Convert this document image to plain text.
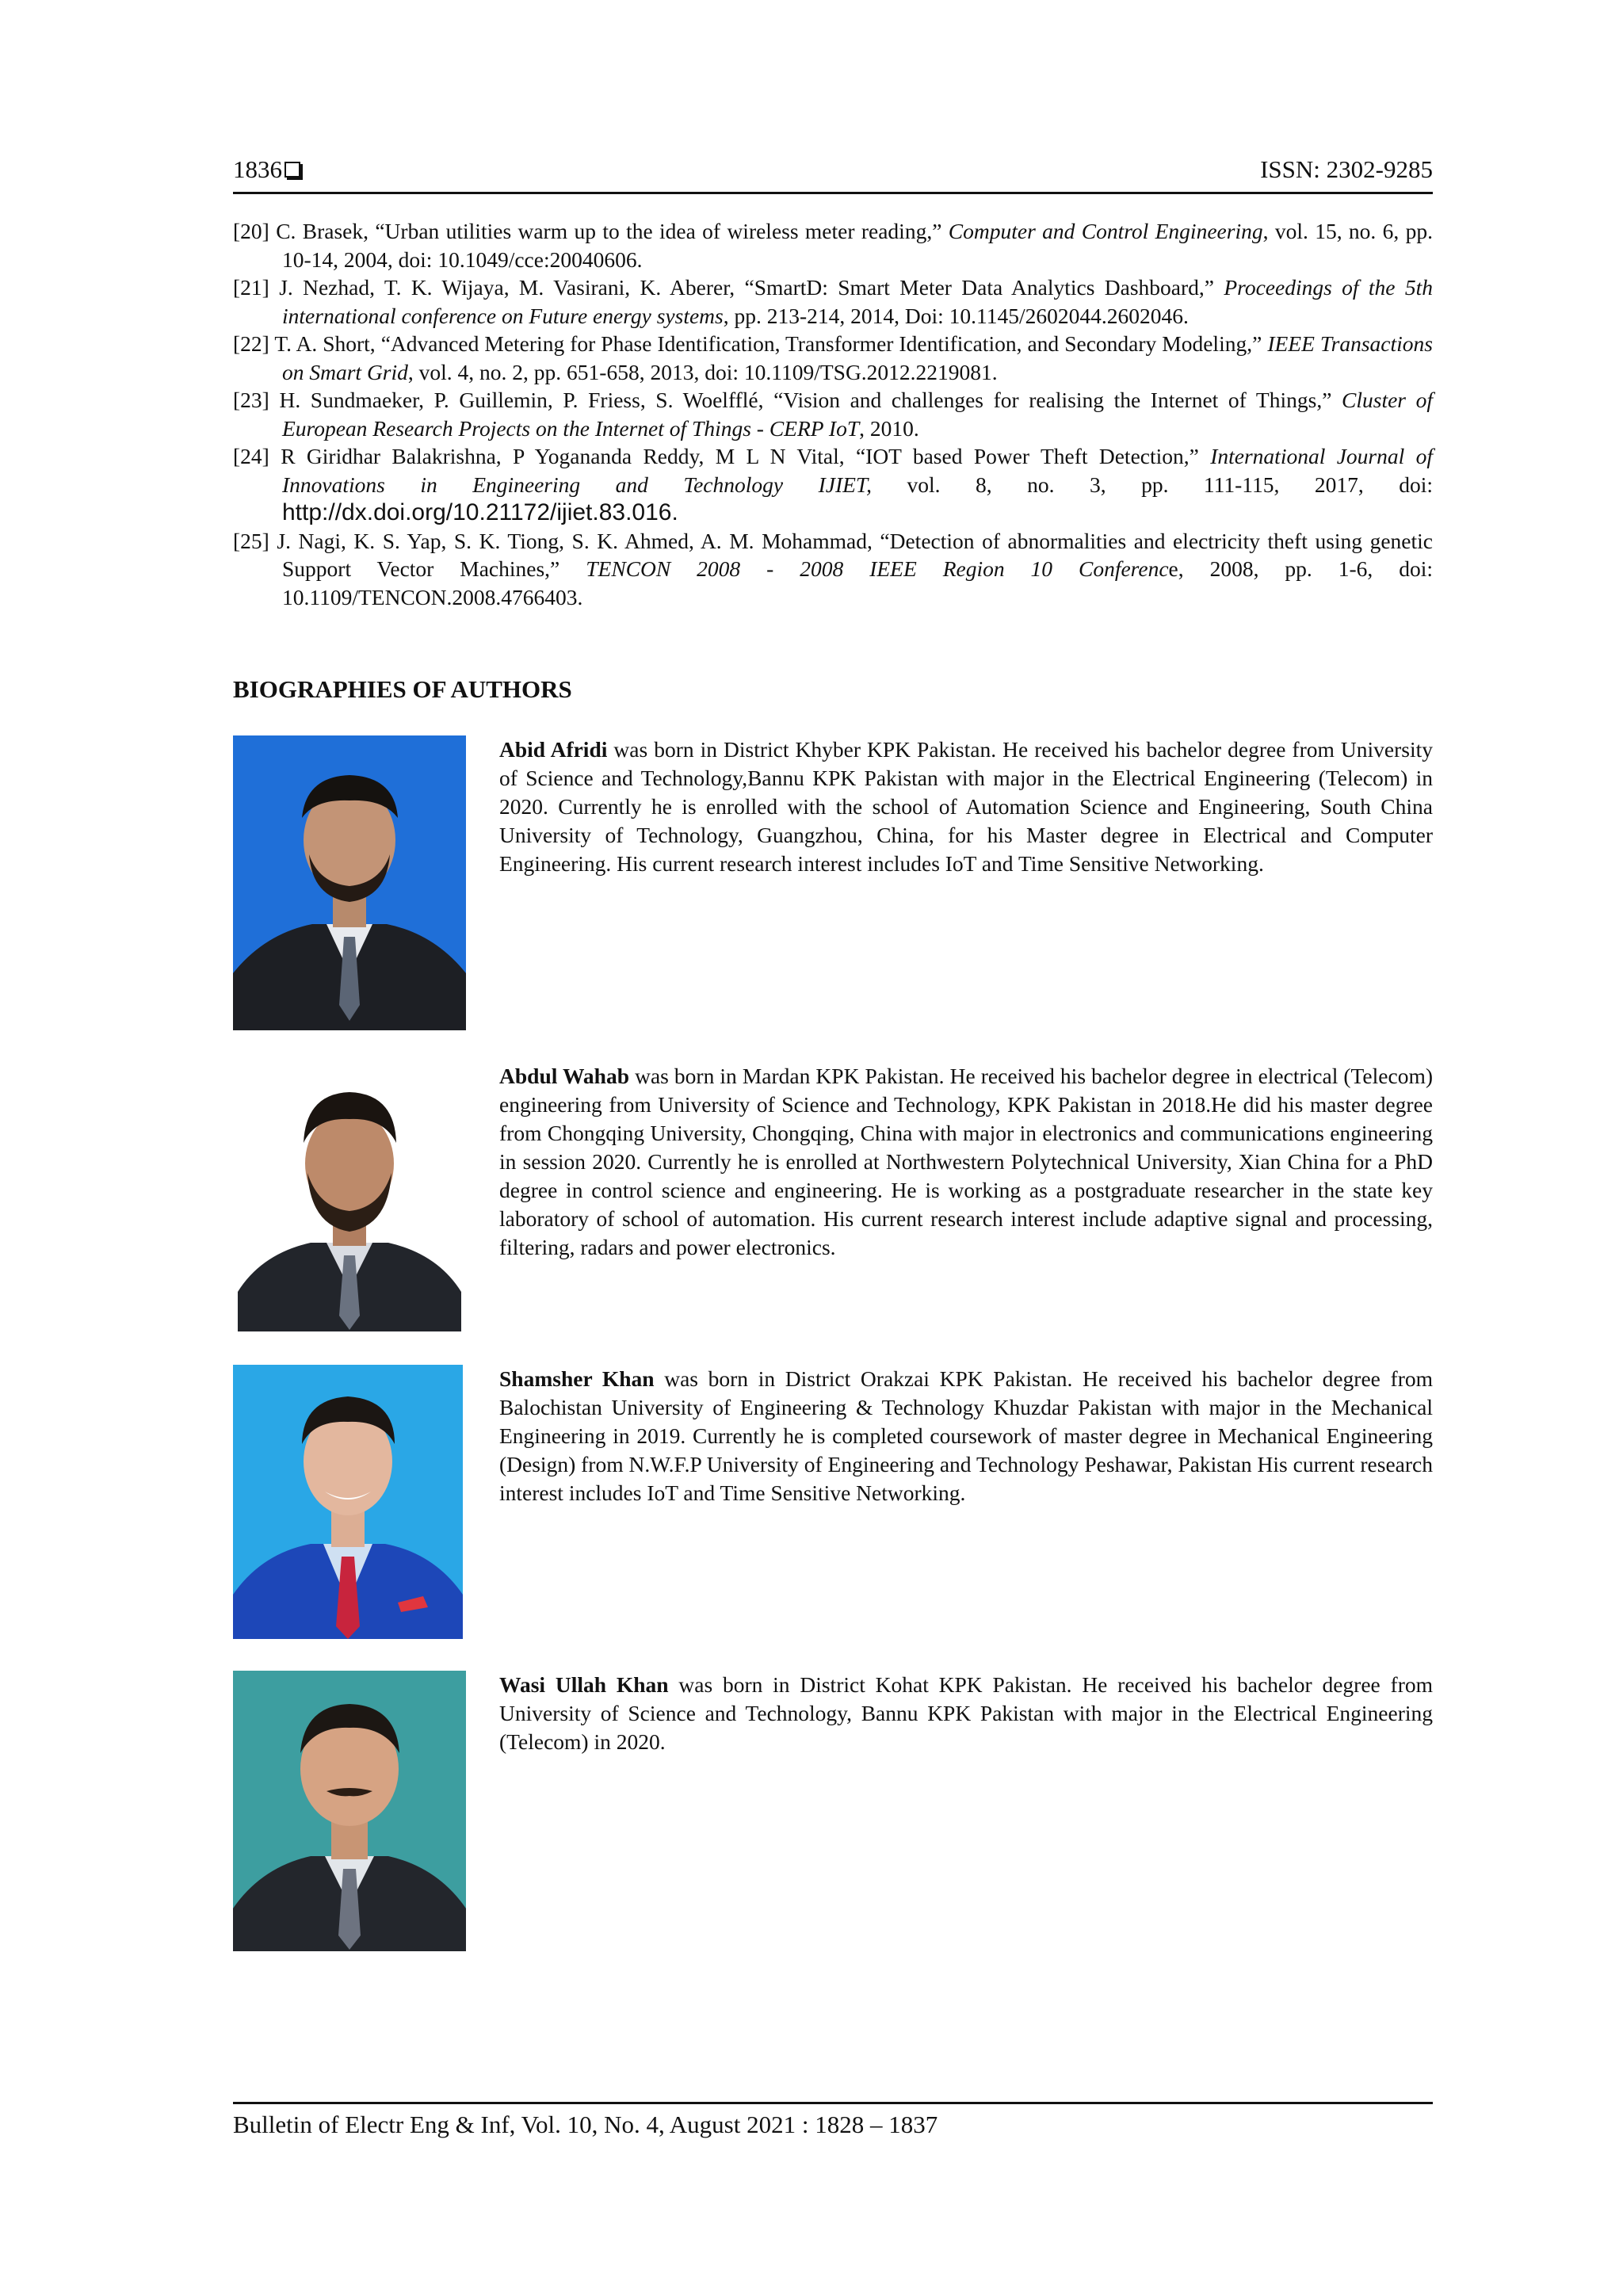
1836	ISSN: 2302-9285
[20] C. Brasek, “Urban utilities warm up to the idea of wireless meter reading,” Computer and Control Engineering, vol. 15, no. 6, pp. 10-14, 2004, doi: 10.1049/cce:20040606.
[21] J. Nezhad, T. K. Wijaya, M. Vasirani, K. Aberer, “SmartD: Smart Meter Data Analytics Dashboard,” Proceedings of the 5th international conference on Future energy systems, pp. 213-214, 2014, Doi: 10.1145/2602044.2602046.
[22] T. A. Short, “Advanced Metering for Phase Identification, Transformer Identification, and Secondary Modeling,” IEEE Transactions on Smart Grid, vol. 4, no. 2, pp. 651-658, 2013, doi: 10.1109/TSG.2012.2219081.
[23] H. Sundmaeker, P. Guillemin, P. Friess, S. Woelfflé, “Vision and challenges for realising the Internet of Things,” Cluster of European Research Projects on the Internet of Things - CERP IoT, 2010.
[24] R Giridhar Balakrishna, P Yogananda Reddy, M L N Vital, “IOT based Power Theft Detection,” International Journal of Innovations in Engineering and Technology IJIET, vol. 8, no. 3, pp. 111-115, 2017, doi: http://dx.doi.org/10.21172/ijiet.83.016.
[25] J. Nagi, K. S. Yap, S. K. Tiong, S. K. Ahmed, A. M. Mohammad, “Detection of abnormalities and electricity theft using genetic Support Vector Machines,” TENCON 2008 - 2008 IEEE Region 10 Conference, 2008, pp. 1-6, doi: 10.1109/TENCON.2008.4766403.
BIOGRAPHIES OF AUTHORS
Abid Afridi was born in District Khyber KPK Pakistan. He received his bachelor degree from University of Science and Technology,Bannu KPK Pakistan with major in the Electrical Engineering (Telecom) in 2020. Currently he is enrolled with the school of Automation Science and Engineering, South China University of Technology, Guangzhou, China, for his Master degree in Electrical and Computer Engineering. His current research interest includes IoT and Time Sensitive Networking.
Abdul Wahab was born in Mardan KPK Pakistan. He received his bachelor degree in electrical (Telecom) engineering from University of Science and Technology, KPK Pakistan in 2018.He did his master degree from Chongqing University, Chongqing, China with major in electronics and communications engineering in session 2020. Currently he is enrolled at Northwestern Polytechnical University, Xian China for a PhD degree in control science and engineering. He is working as a postgraduate researcher in the state key laboratory of school of automation. His current research interest include adaptive signal and processing, filtering, radars and power electronics.
Shamsher Khan was born in District Orakzai KPK Pakistan. He received his bachelor degree from Balochistan University of Engineering & Technology Khuzdar Pakistan with major in the Mechanical Engineering in 2019. Currently he is completed coursework of master degree in Mechanical Engineering (Design) from N.W.F.P University of Engineering and Technology Peshawar, Pakistan His current research interest includes IoT and Time Sensitive Networking.
Wasi Ullah Khan was born in District Kohat KPK Pakistan. He received his bachelor degree from University of Science and Technology, Bannu KPK Pakistan with major in the Electrical Engineering (Telecom) in 2020.
Bulletin of Electr Eng & Inf, Vol. 10, No. 4, August 2021 : 1828 – 1837
